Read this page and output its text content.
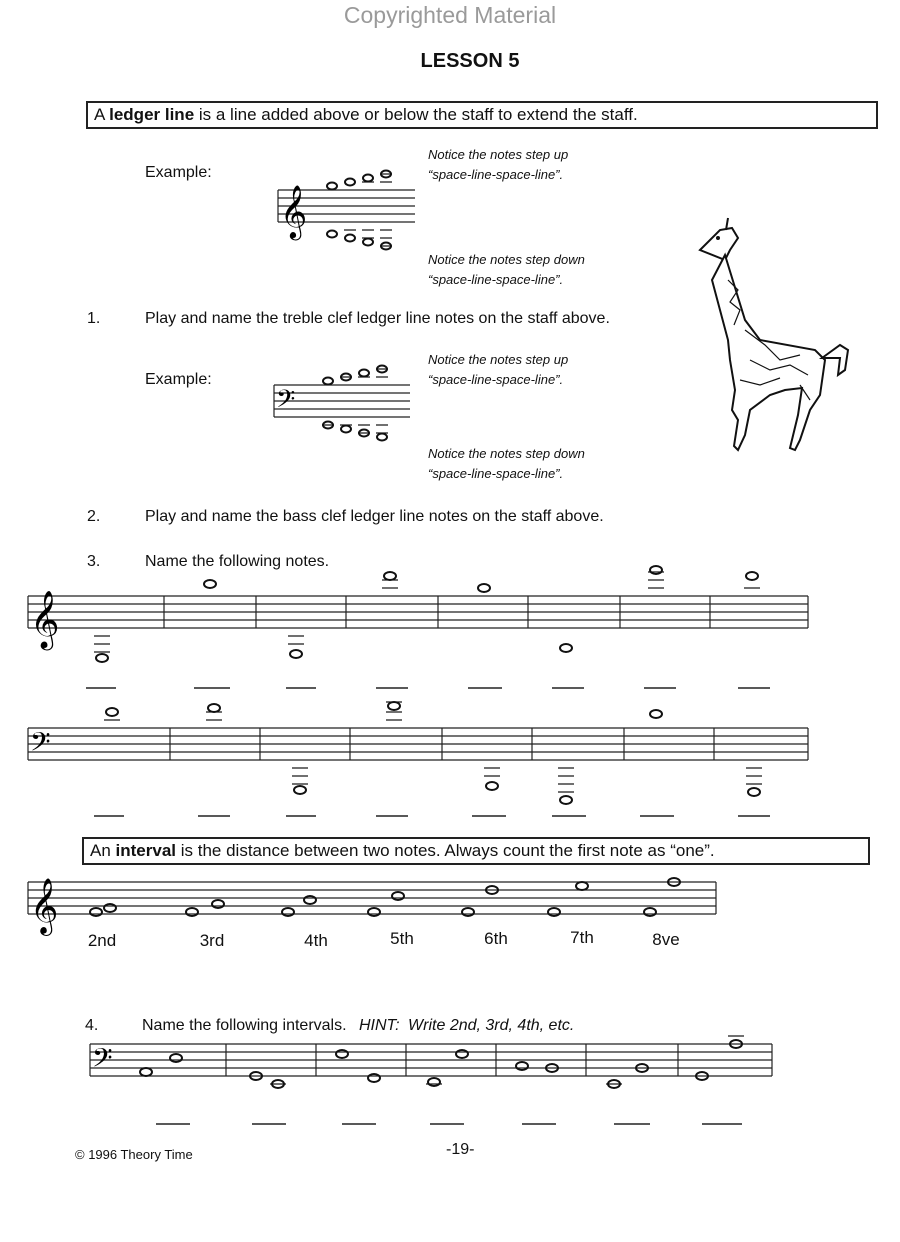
Copyrighted Material
LESSON 5
A ledger line is a line added above or below the staff to extend the staff.
Example:
𝄞
Notice the notes step up
“space-line-space-line”.
Notice the notes step down
“space-line-space-line”.
1.	Play and name the treble clef ledger line notes on the staff above.
Example:
𝄢
Notice the notes step up
“space-line-space-line”.
Notice the notes step down
“space-line-space-line”.
2.	Play and name the bass clef ledger line notes on the staff above.
3.	Name the following notes.
𝄞
𝄢
An interval is the distance between two notes. Always count the first note as “one”.
𝄞
2nd	3rd	4th	5th	6th	7th	8ve
4.	Name the following intervals. HINT: Write 2nd, 3rd, 4th, etc.
𝄢
© 1996 Theory Time	-19-
